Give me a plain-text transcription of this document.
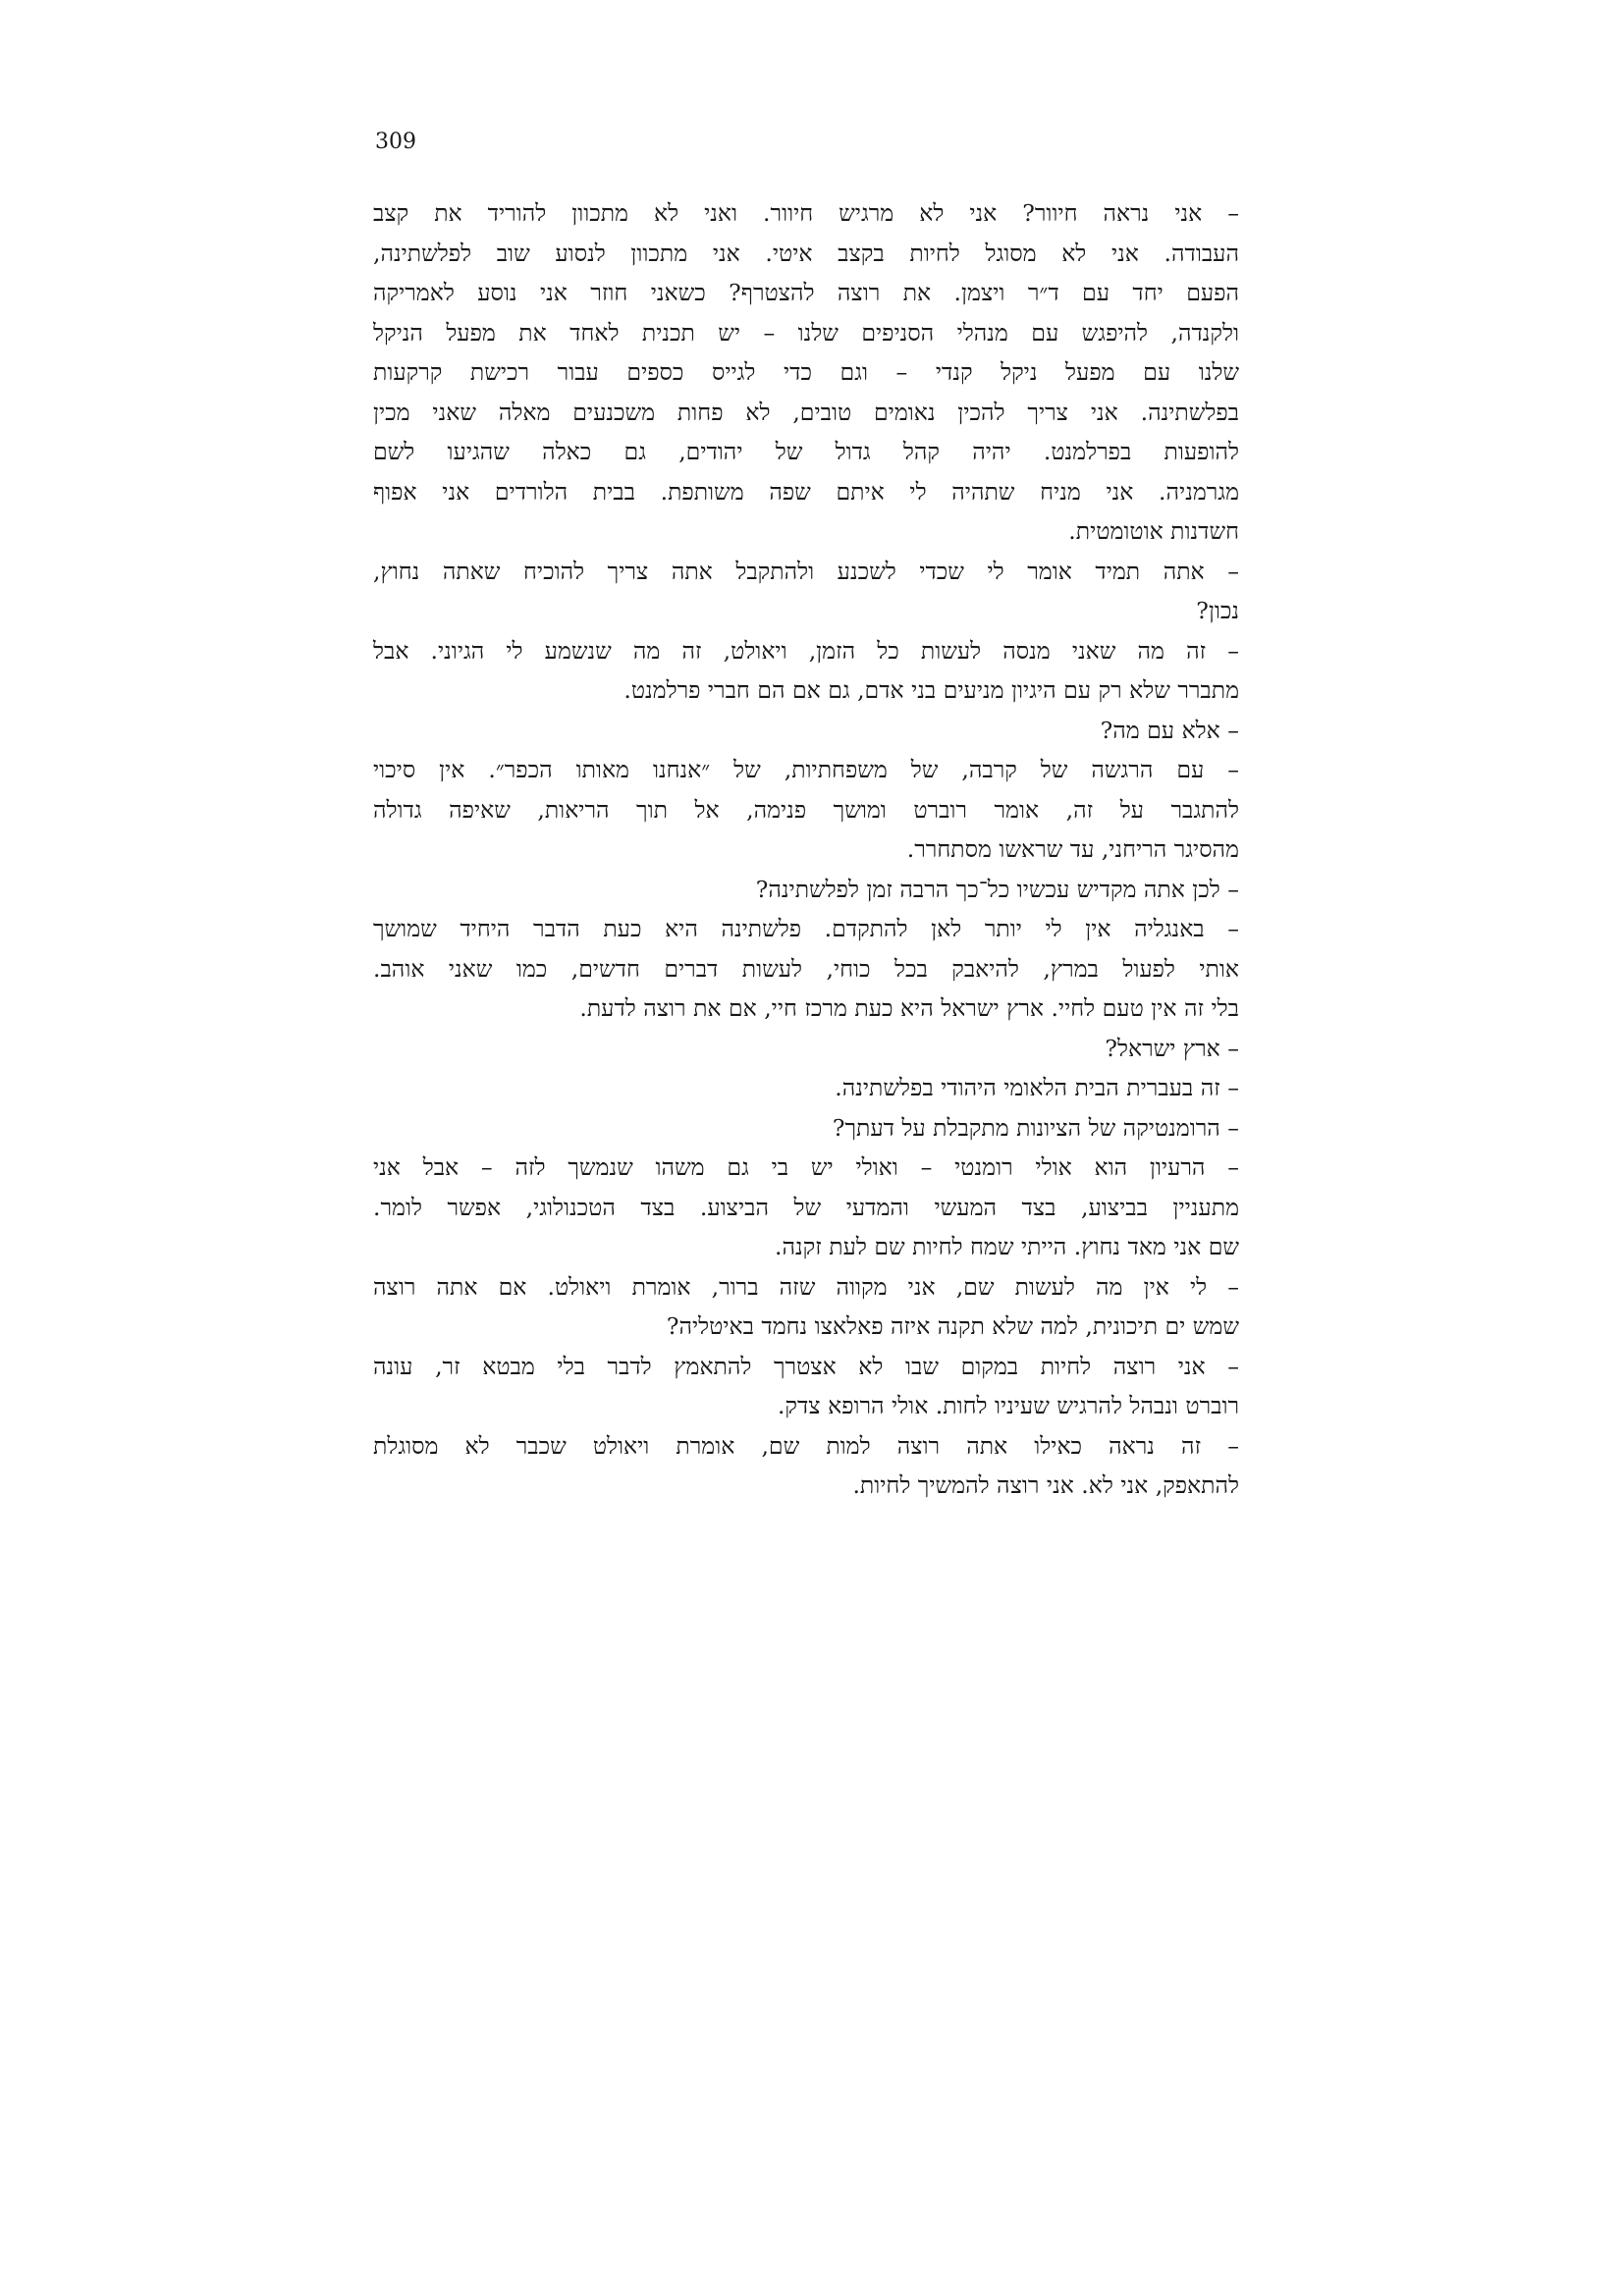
309
– אני נראה חיוור? אני לא מרגיש חיוור. ואני לא מתכוון להוריד את קצב
העבודה. אני לא מסוגל לחיות בקצב איטי. אני מתכוון לנסוע שוב לפלשתינה,
הפעם יחד עם ד״ר ויצמן. את רוצה להצטרף? כשאני חוזר אני נוסע לאמריקה
ולקנדה, להיפגש עם מנהלי הסניפים שלנו – יש תכנית לאחד את מפעל הניקל
שלנו עם מפעל ניקל קנדי – וגם כדי לגייס כספים עבור רכישת קרקעות
בפלשתינה. אני צריך להכין נאומים טובים, לא פחות משכנעים מאלה שאני מכין
להופעות בפרלמנט. יהיה קהל גדול של יהודים, גם כאלה שהגיעו לשם
מגרמניה. אני מניח שתהיה לי איתם שפה משותפת. בבית הלורדים אני אפוף
חשדנות אוטומטית.
– אתה תמיד אומר לי שכדי לשכנע ולהתקבל אתה צריך להוכיח שאתה נחוץ,
נכון?
– זה מה שאני מנסה לעשות כל הזמן, ויאולט, זה מה שנשמע לי הגיוני. אבל
מתברר שלא רק עם היגיון מניעים בני אדם, גם אם הם חברי פרלמנט.
– אלא עם מה?
– עם הרגשה של קרבה, של משפחתיות, של ״אנחנו מאותו הכפר״. אין סיכוי
להתגבר על זה, אומר רוברט ומושך פנימה, אל תוך הריאות, שאיפה גדולה
מהסיגר הריחני, עד שראשו מסתחרר.
– לכן אתה מקדיש עכשיו כל־כך הרבה זמן לפלשתינה?
– באנגליה אין לי יותר לאן להתקדם. פלשתינה היא כעת הדבר היחיד שמושך
אותי לפעול במרץ, להיאבק בכל כוחי, לעשות דברים חדשים, כמו שאני אוהב.
בלי זה אין טעם לחיי. ארץ ישראל היא כעת מרכז חיי, אם את רוצה לדעת.
– ארץ ישראל?
– זה בעברית הבית הלאומי היהודי בפלשתינה.
– הרומנטיקה של הציונות מתקבלת על דעתך?
– הרעיון הוא אולי רומנטי – ואולי יש בי גם משהו שנמשך לזה – אבל אני
מתעניין בביצוע, בצד המעשי והמדעי של הביצוע. בצד הטכנולוגי, אפשר לומר.
שם אני מאד נחוץ. הייתי שמח לחיות שם לעת זקנה.
– לי אין מה לעשות שם, אני מקווה שזה ברור, אומרת ויאולט. אם אתה רוצה
שמש ים תיכונית, למה שלא תקנה איזה פאלאצו נחמד באיטליה?
– אני רוצה לחיות במקום שבו לא אצטרך להתאמץ לדבר בלי מבטא זר, עונה
רוברט ונבהל להרגיש שעיניו לחות. אולי הרופא צדק.
– זה נראה כאילו אתה רוצה למות שם, אומרת ויאולט שכבר לא מסוגלת
להתאפק, אני לא. אני רוצה להמשיך לחיות.
